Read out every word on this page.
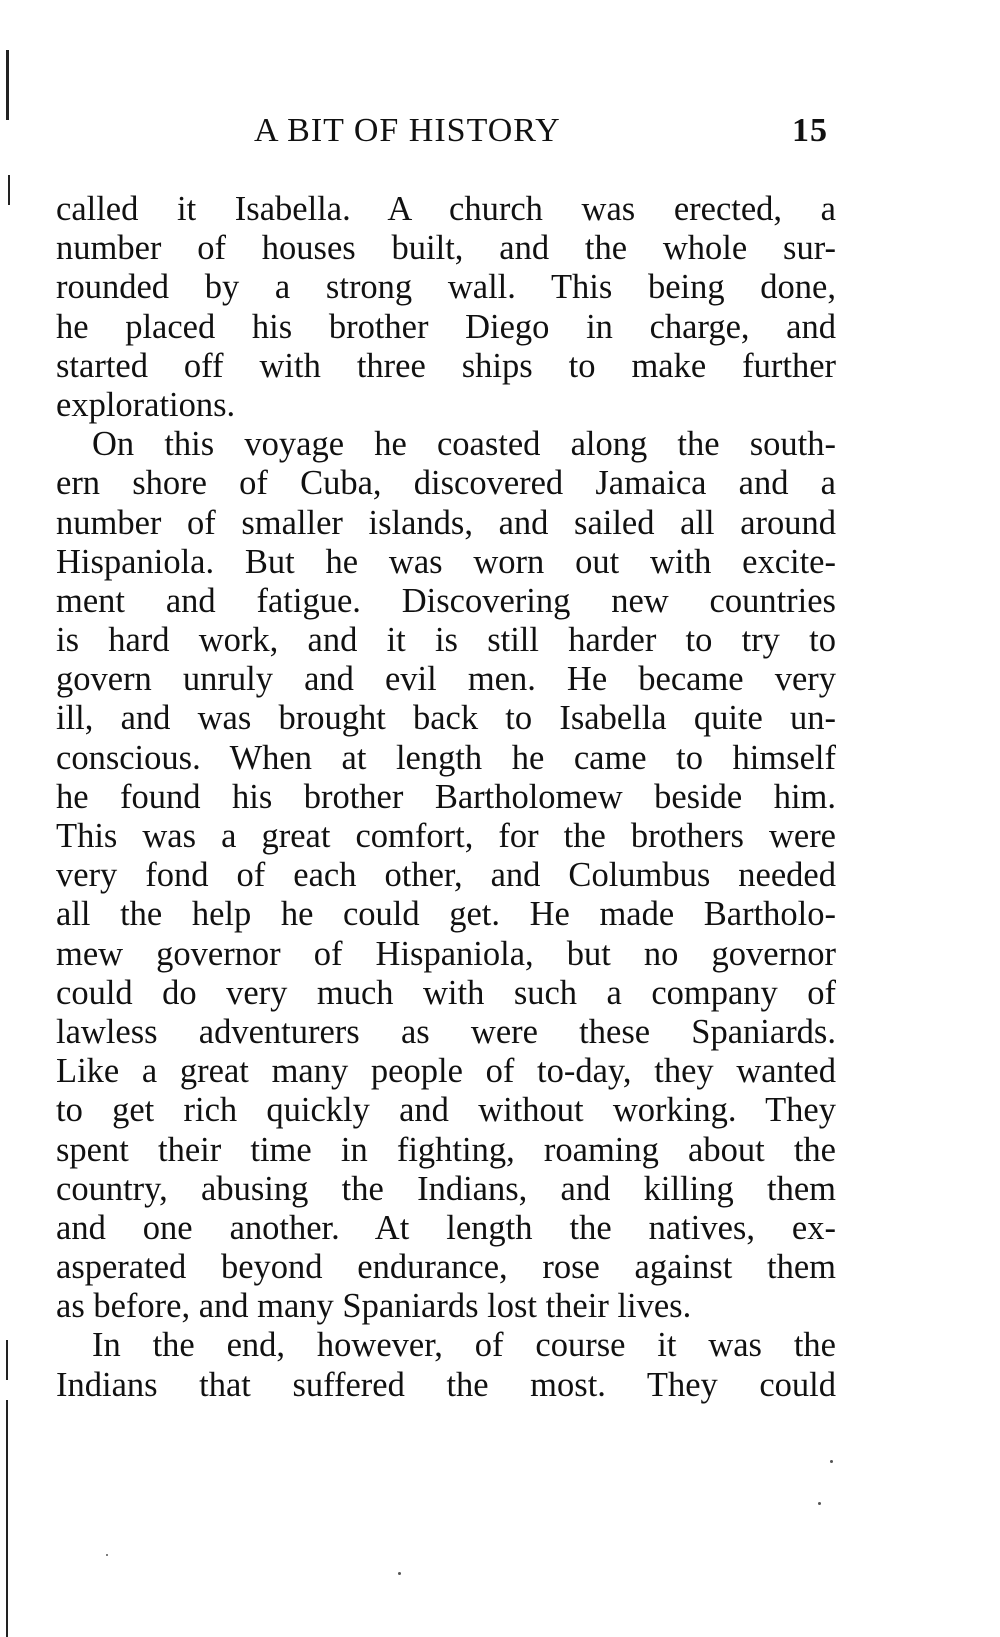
A BIT OF HISTORY	15
called it Isabella. A church was erected, a
number of houses built, and the whole sur-
rounded by a strong wall. This being done,
he placed his brother Diego in charge, and
started off with three ships to make further
explorations.
On this voyage he coasted along the south-
ern shore of Cuba, discovered Jamaica and a
number of smaller islands, and sailed all around
Hispaniola. But he was worn out with excite-
ment and fatigue. Discovering new countries
is hard work, and it is still harder to try to
govern unruly and evil men. He became very
ill, and was brought back to Isabella quite un-
conscious. When at length he came to himself
he found his brother Bartholomew beside him.
This was a great comfort, for the brothers were
very fond of each other, and Columbus needed
all the help he could get. He made Bartholo-
mew governor of Hispaniola, but no governor
could do very much with such a company of
lawless adventurers as were these Spaniards.
Like a great many people of to-day, they wanted
to get rich quickly and without working. They
spent their time in fighting, roaming about the
country, abusing the Indians, and killing them
and one another. At length the natives, ex-
asperated beyond endurance, rose against them
as before, and many Spaniards lost their lives.
In the end, however, of course it was the
Indians that suffered the most. They could
